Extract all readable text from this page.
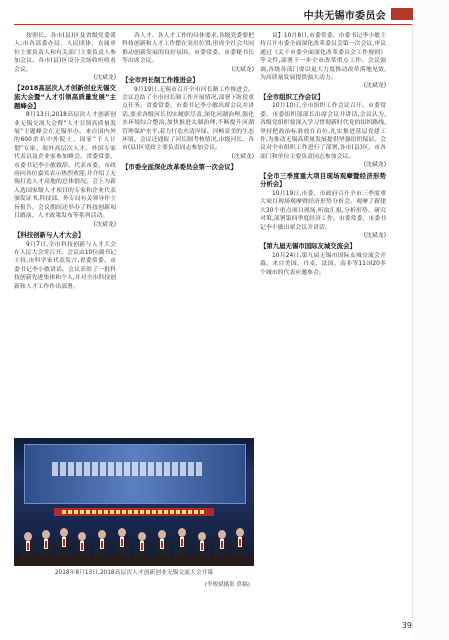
中共无锡市委员会

按照长、各市(县)区及省级党委派人;市各部委办局、人民团体、直属单位主要负责人和有关部门主要负责人参加会议。各市(县)区设分会场收听收看会议。

(沈斌龙)

【2018高层次人才创新创业无锡交流大会暨“人才引领高质量发展”主题峰会】

8月13日,2018高层次人才创新创业无锡交流大会暨“人才引领高质量发展”主题峰会在无锡举办。来自国内外的600余名中外院士、国家“千人计划”专家、海外高层次人才、外国专家代表以及企业家参加峰会。省委常委、市委书记李小敏致辞。代表市委、市政府向各位嘉宾表示热烈欢迎,并介绍了无锡打造人才高地的总体情况。会上为新入选国家级人才项目的专家和企业代表颁发证书,科技部、外专局有关领导作主旨报告。会议期间还举办了科技创新项目路演、人才政策发布等系列活动。

(沈斌龙)

【科技创新与人才大会】

9月7日,全市科技创新与人才大会在人民大会堂召开。会议由10位副书记主持,市科学家代表发言,省委常委、市委书记李小敏讲话。会议表彰了一批科技创新先进集体和个人,并对全市科技创新和人才工作作出部署。

各人才、各人才工作的具体要求,各级党委要把科技创新和人才工作摆在突出位置,形成全社会共同推动创新发展的良好氛围。市委常委、市委秘书长等出席会议。

(沈斌龙)

【全市河长制工作推进会】

9月19日,无锡市召开全市河长制工作推进会。会议总结了全市河长制工作开展情况,部署下阶段重点任务。省委常委、市委书记李小敏出席会议并讲话,要求各级河长切实履职尽责,深化河湖治理,强化水环境综合整治,加快推进太湖治理,不断提升河湖管理保护水平,着力打造水清岸绿、河畅景美的生态环境。会议还通报了河长制考核情况,市级河长、各市(县)区党政主要负责同志参加会议。

(沈斌龙)

【市委全面深化改革委员会第一次会议】

议】10月8日,市委常委、市委书记李小敏主持召开市委全面深化改革委员会第一次会议,审议通过《关于市委全面深化改革委员会工作规则》等文件,部署下一步全市改革重点工作。会议强调,各级各部门要以更大力度推动改革落地见效,为高质量发展提供强大动力。

(沈斌龙)

【全市组织工作会议】

10月10日,全市组织工作会议召开。市委常委、市委组织部部长出席会议并讲话,会议认为,各级党组织要深入学习贯彻新时代党的组织路线,坚持把政治标准放在首位,扎实推进基层党建工作,为推动无锡高质量发展提供坚强组织保证。会议对全市组织工作进行了部署,各市(县)区、市各部门和单位主要负责同志参加会议。

(沈斌龙)

【全市三季度重大项目现场观摩暨经济形势分析会】

10月19日,市委、市政府召开全市三季度重大项目现场观摩暨经济形势分析会。观摩了新建大30个重点项目现场,听取汇报,分析形势、研究对策,部署第四季度经济工作。市委常委、市委书记李小敏出席会议并讲话。

(沈斌龙)

【第九届无锡市国际友城交流会】

10月24日,第九届无锡市国际友城交流会开幕。来自美国、丹麦、法国、南非等11国20多个城市的代表应邀参会。

2018年8月13日,2018高层次人才创新创业无锡交流大会开幕
(李俊斌摄影 供稿)
39
